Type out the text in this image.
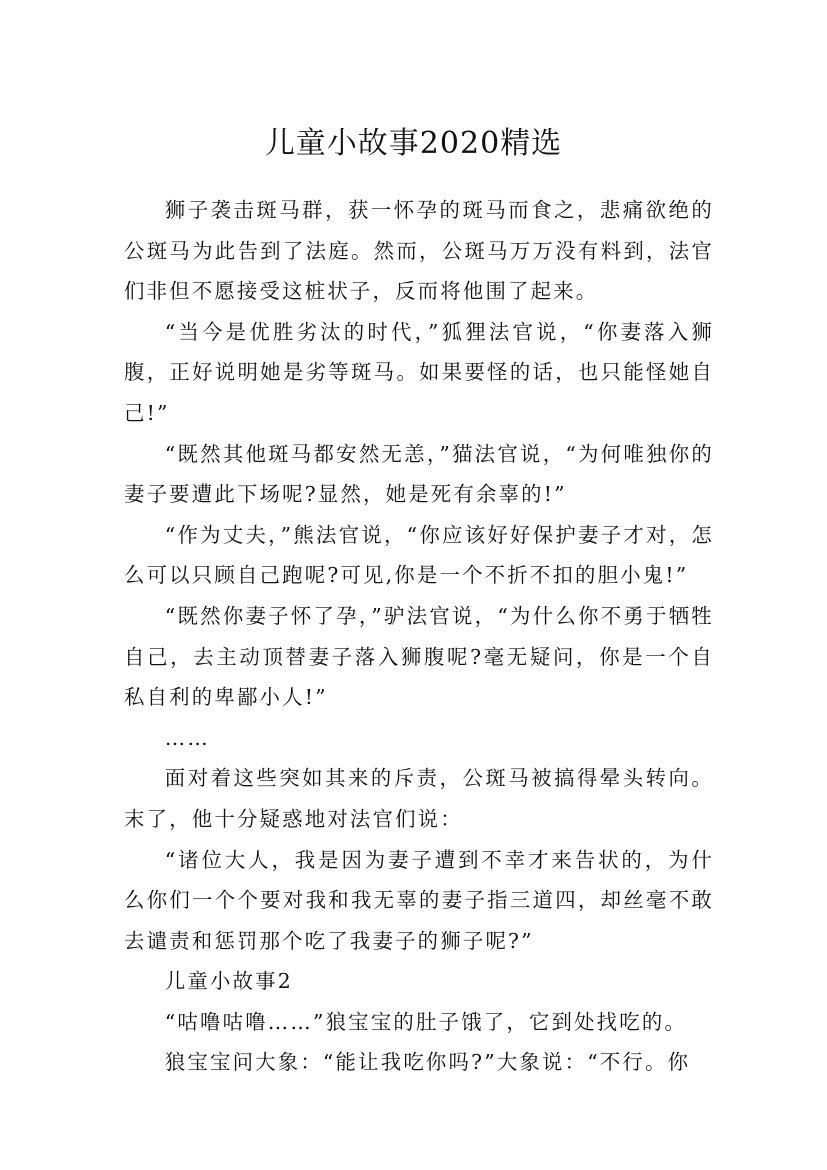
儿童小故事2020精选

狮子袭击斑马群，获一怀孕的斑马而食之，悲痛欲绝的公斑马为此告到了法庭。然而，公斑马万万没有料到，法官们非但不愿接受这桩状子，反而将他围了起来。

“当今是优胜劣汰的时代，”狐狸法官说，“你妻落入狮腹，正好说明她是劣等斑马。如果要怪的话，也只能怪她自己!”

“既然其他斑马都安然无恙，”猫法官说，“为何唯独你的妻子要遭此下场呢?显然，她是死有余辜的!”

“作为丈夫，”熊法官说，“你应该好好保护妻子才对，怎么可以只顾自己跑呢?可见,你是一个不折不扣的胆小鬼!”

“既然你妻子怀了孕，”驴法官说，“为什么你不勇于牺牲自己，去主动顶替妻子落入狮腹呢?毫无疑问，你是一个自私自利的卑鄙小人!”

……

面对着这些突如其来的斥责，公斑马被搞得晕头转向。末了，他十分疑惑地对法官们说：

“诸位大人，我是因为妻子遭到不幸才来告状的，为什么你们一个个要对我和我无辜的妻子指三道四，却丝毫不敢去谴责和惩罚那个吃了我妻子的狮子呢?”

儿童小故事2

“咕噜咕噜……”狼宝宝的肚子饿了，它到处找吃的。

狼宝宝问大象：“能让我吃你吗?”大象说：“不行。你
